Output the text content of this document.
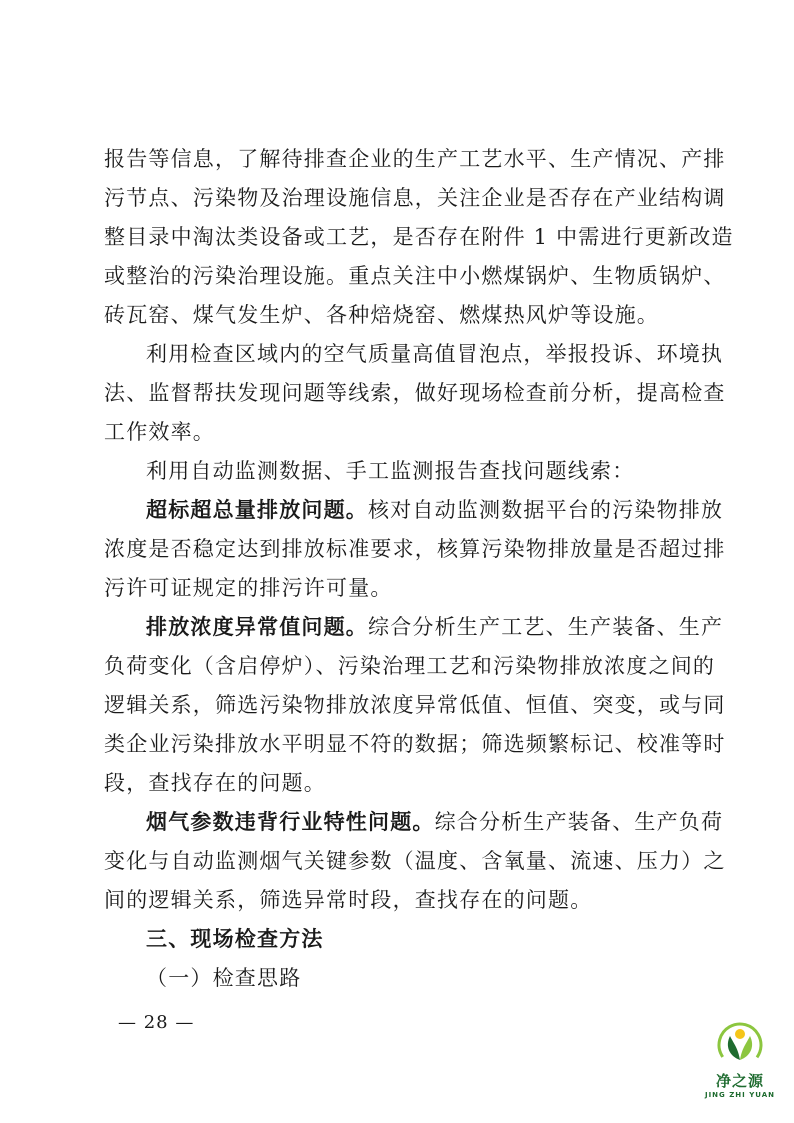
报告等信息，了解待排查企业的生产工艺水平、生产情况、产排
污节点、污染物及治理设施信息，关注企业是否存在产业结构调
整目录中淘汰类设备或工艺，是否存在附件 1 中需进行更新改造
或整治的污染治理设施。重点关注中小燃煤锅炉、生物质锅炉、
砖瓦窑、煤气发生炉、各种焙烧窑、燃煤热风炉等设施。
利用检查区域内的空气质量高值冒泡点，举报投诉、环境执
法、监督帮扶发现问题等线索，做好现场检查前分析，提高检查
工作效率。
利用自动监测数据、手工监测报告查找问题线索：
超标超总量排放问题。核对自动监测数据平台的污染物排放
浓度是否稳定达到排放标准要求，核算污染物排放量是否超过排
污许可证规定的排污许可量。
排放浓度异常值问题。综合分析生产工艺、生产装备、生产
负荷变化（含启停炉）、污染治理工艺和污染物排放浓度之间的
逻辑关系，筛选污染物排放浓度异常低值、恒值、突变，或与同
类企业污染排放水平明显不符的数据；筛选频繁标记、校准等时
段，查找存在的问题。
烟气参数违背行业特性问题。综合分析生产装备、生产负荷
变化与自动监测烟气关键参数（温度、含氧量、流速、压力）之
间的逻辑关系，筛选异常时段，查找存在的问题。
三、现场检查方法
（一）检查思路
— 28 —
净之源
JING ZHI YUAN
